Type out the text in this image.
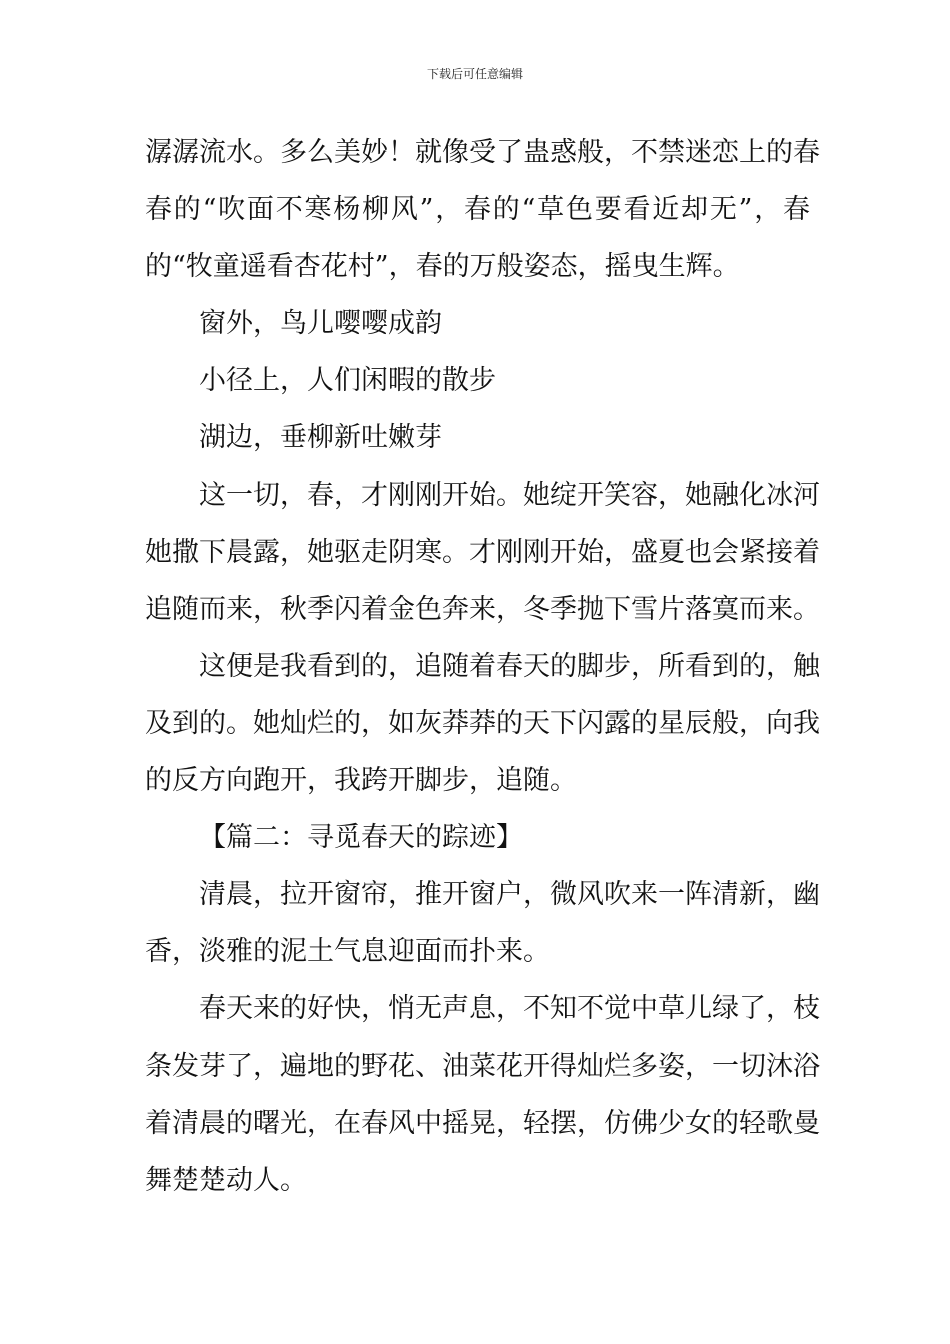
下载后可任意编辑
潺潺流水。多么美妙！就像受了蛊惑般，不禁迷恋上的春
春的“吹面不寒杨柳风”，春的“草色要看近却无”，春
的“牧童遥看杏花村”，春的万般姿态，摇曳生辉。
窗外，鸟儿嘤嘤成韵
小径上，人们闲暇的散步
湖边，垂柳新吐嫩芽
这一切，春，才刚刚开始。她绽开笑容，她融化冰河
她撒下晨露，她驱走阴寒。才刚刚开始，盛夏也会紧接着
追随而来，秋季闪着金色奔来，冬季抛下雪片落寞而来。
这便是我看到的，追随着春天的脚步，所看到的，触
及到的。她灿烂的，如灰莽莽的天下闪露的星辰般，向我
的反方向跑开，我跨开脚步，追随。
【篇二：寻觅春天的踪迹】
清晨，拉开窗帘，推开窗户，微风吹来一阵清新，幽
香，淡雅的泥土气息迎面而扑来。
春天来的好快，悄无声息，不知不觉中草儿绿了，枝
条发芽了，遍地的野花、油菜花开得灿烂多姿，一切沐浴
着清晨的曙光，在春风中摇晃，轻摆，仿佛少女的轻歌曼
舞楚楚动人。
